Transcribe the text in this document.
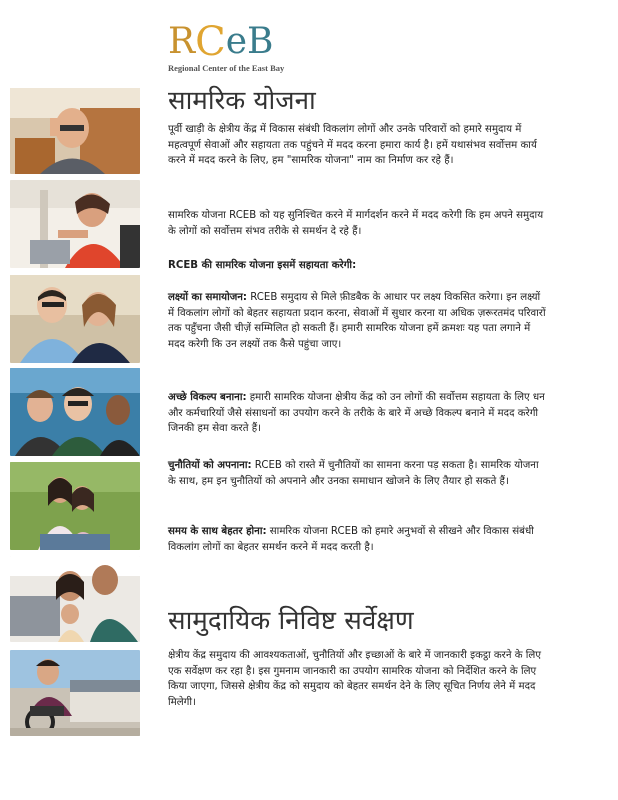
R C e B
Regional Center of the East Bay
सामरिक योजना

पूर्वी खाड़ी के क्षेत्रीय केंद्र में विकास संबंधी विकलांग लोगों और उनके परिवारों को हमारे समुदाय में महत्वपूर्ण सेवाओं और सहायता तक पहुंचने में मदद करना हमारा कार्य है। हमें यथासंभव सर्वोत्तम कार्य करने में मदद करने के लिए, हम "सामरिक योजना" नाम का निर्माण कर रहे हैं।

सामरिक योजना RCEB को यह सुनिश्चित करने में मार्गदर्शन करने में मदद करेगी कि हम अपने समुदाय के लोगों को सर्वोत्तम संभव तरीके से समर्थन दे रहे हैं।

RCEB की सामरिक योजना इसमें सहायता करेगी:

लक्ष्यों का समायोजन: RCEB समुदाय से मिले फ़ीडबैक के आधार पर लक्ष्य विकसित करेगा। इन लक्ष्यों में विकलांग लोगों को बेहतर सहायता प्रदान करना, सेवाओं में सुधार करना या अधिक ज़रूरतमंद परिवारों तक पहुँचना जैसी चीज़ें सम्मिलित हो सकती हैं। हमारी सामरिक योजना हमें क्रमशः यह पता लगाने में मदद करेगी कि उन लक्ष्यों तक कैसे पहुंचा जाए।

अच्छे विकल्प बनाना: हमारी सामरिक योजना क्षेत्रीय केंद्र को उन लोगों की सर्वोत्तम सहायता के लिए धन और कर्मचारियों जैसे संसाधनों का उपयोग करने के तरीके के बारे में अच्छे विकल्प बनाने में मदद करेगी जिनकी हम सेवा करते हैं।

चुनौतियों को अपनाना: RCEB को रास्ते में चुनौतियों का सामना करना पड़ सकता है। सामरिक योजना के साथ, हम इन चुनौतियों को अपनाने और उनका समाधान खोजने के लिए तैयार हो सकते हैं।

समय के साथ बेहतर होना: सामरिक योजना RCEB को हमारे अनुभवों से सीखने और विकास संबंधी विकलांग लोगों का बेहतर समर्थन करने में मदद करती है।

सामुदायिक निविष्ट सर्वेक्षण

क्षेत्रीय केंद्र समुदाय की आवश्यकताओं, चुनौतियों और इच्छाओं के बारे में जानकारी इकट्ठा करने के लिए एक सर्वेक्षण कर रहा है। इस गुमनाम जानकारी का उपयोग सामरिक योजना को निर्देशित करने के लिए किया जाएगा, जिससे क्षेत्रीय केंद्र को समुदाय को बेहतर समर्थन देने के लिए सूचित निर्णय लेने में मदद मिलेगी।
